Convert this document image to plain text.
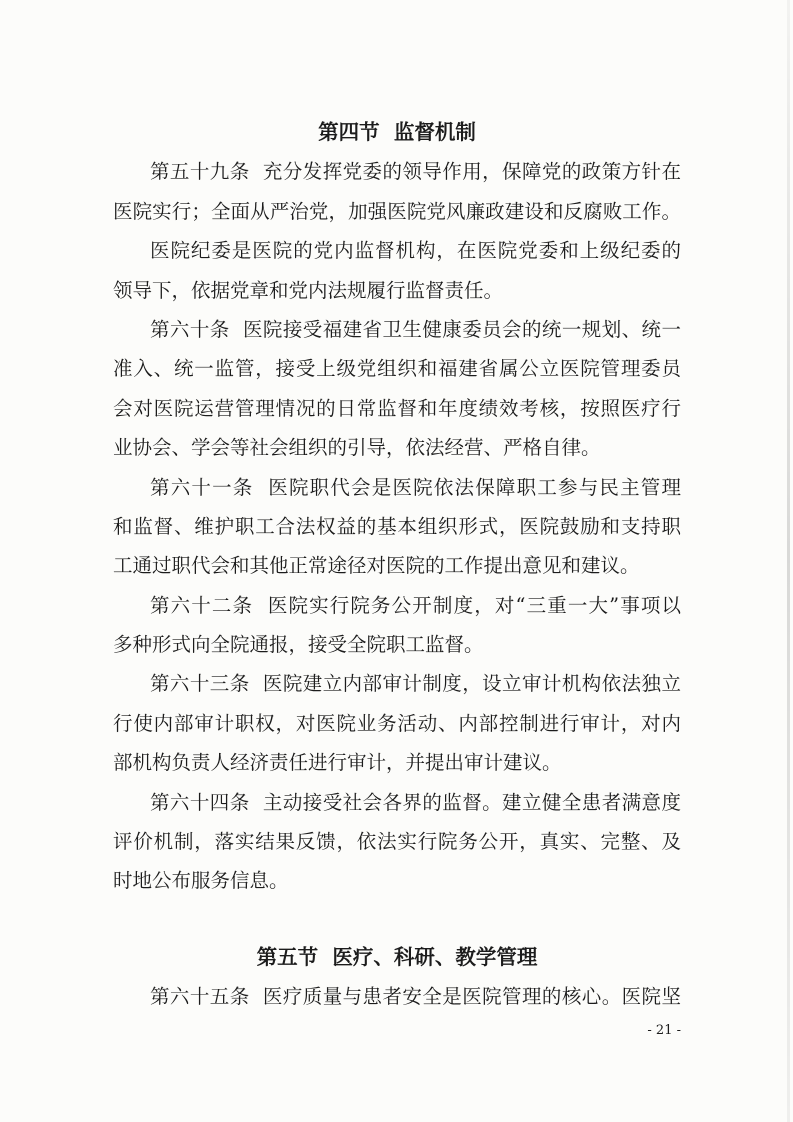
第四节  监督机制
第五十九条  充分发挥党委的领导作用，保障党的政策方针在
医院实行；全面从严治党，加强医院党风廉政建设和反腐败工作。
医院纪委是医院的党内监督机构，在医院党委和上级纪委的
领导下，依据党章和党内法规履行监督责任。
第六十条  医院接受福建省卫生健康委员会的统一规划、统一
准入、统一监管，接受上级党组织和福建省属公立医院管理委员
会对医院运营管理情况的日常监督和年度绩效考核，按照医疗行
业协会、学会等社会组织的引导，依法经营、严格自律。
第六十一条  医院职代会是医院依法保障职工参与民主管理
和监督、维护职工合法权益的基本组织形式，医院鼓励和支持职
工通过职代会和其他正常途径对医院的工作提出意见和建议。
第六十二条  医院实行院务公开制度，对“三重一大”事项以
多种形式向全院通报，接受全院职工监督。
第六十三条  医院建立内部审计制度，设立审计机构依法独立
行使内部审计职权，对医院业务活动、内部控制进行审计，对内
部机构负责人经济责任进行审计，并提出审计建议。
第六十四条  主动接受社会各界的监督。建立健全患者满意度
评价机制，落实结果反馈，依法实行院务公开，真实、完整、及
时地公布服务信息。
第五节  医疗、科研、教学管理
第六十五条  医疗质量与患者安全是医院管理的核心。医院坚
- 21 -
